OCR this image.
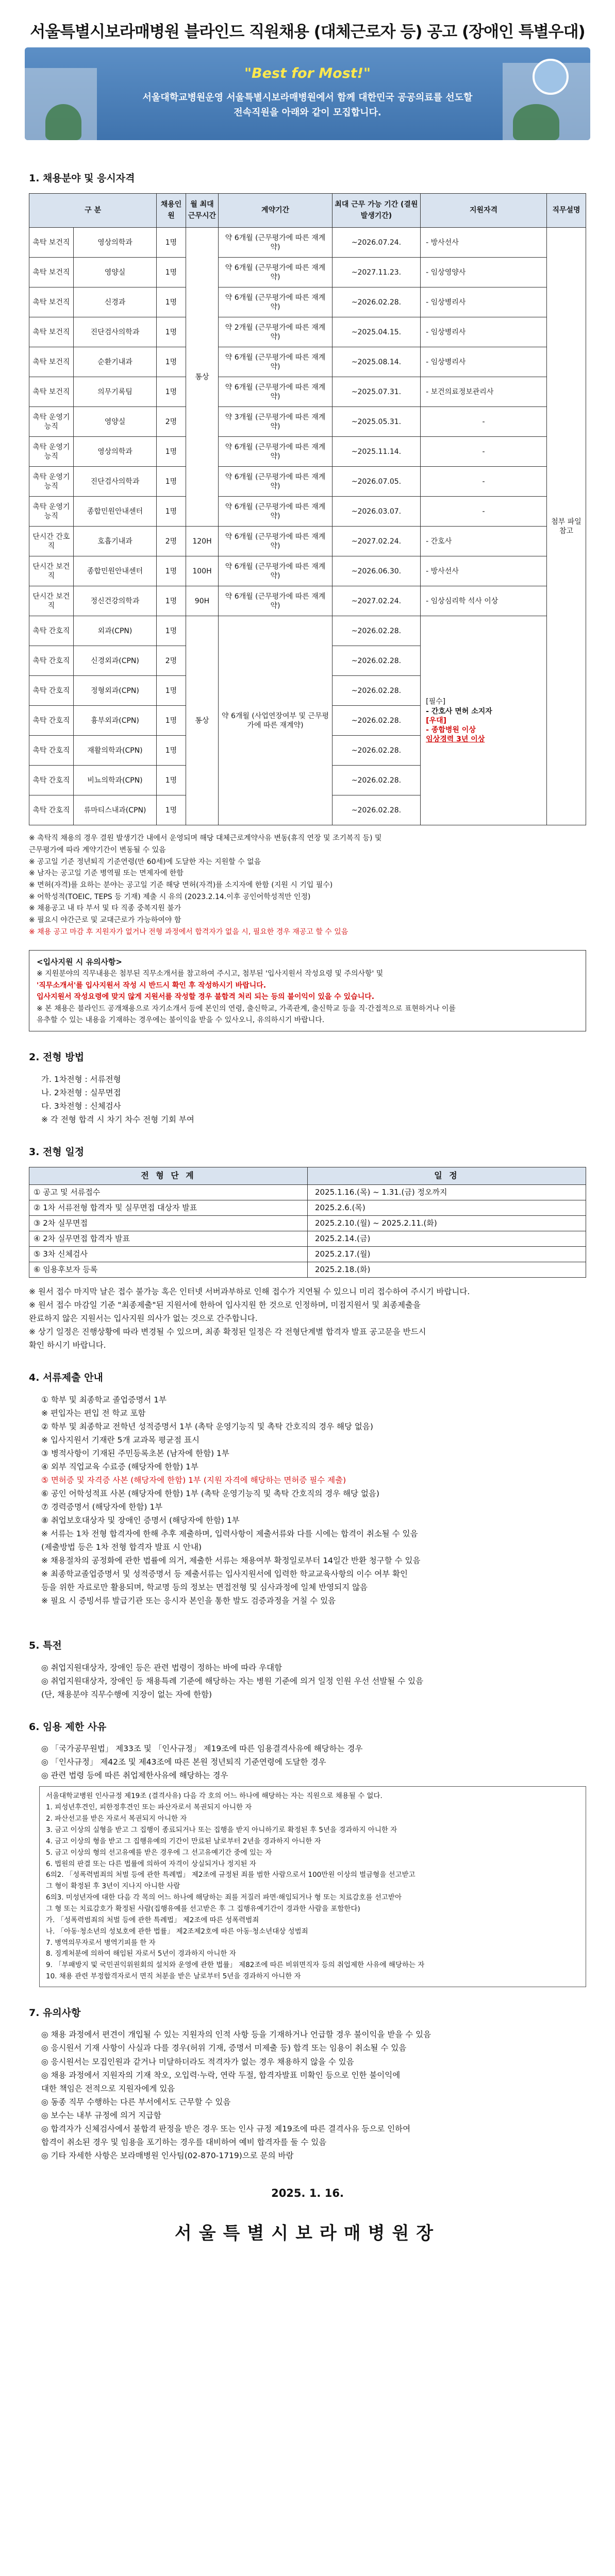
서울특별시보라매병원 블라인드 직원채용 (대체근로자 등) 공고 (장애인 특별우대)
"Best for Most!"
서울대학교병원운영 서울특별시보라매병원에서 함께 대한민국 공공의료를 선도할
전속직원을 아래와 같이 모집합니다.
1. 채용분야 및 응시자격
구 분		채용인원	월 최대 근무시간	계약기간	최대 근무 가능 기간 (결원발생기간)	지원자격	직무설명
촉탁 보건직	영상의학과	1명	통상	약 6개월 (근무평가에 따른 재계약)	~2026.07.24.	- 방사선사	첨부 파일 참고
촉탁 보건직	영양실	1명		약 6개월 (근무평가에 따른 재계약)	~2027.11.23.	- 임상영양사	
촉탁 보건직	신경과	1명		약 6개월 (근무평가에 따른 재계약)	~2026.02.28.	- 임상병리사	
촉탁 보건직	진단검사의학과	1명		약 2개월 (근무평가에 따른 재계약)	~2025.04.15.	- 임상병리사	
촉탁 보건직	순환기내과	1명		약 6개월 (근무평가에 따른 재계약)	~2025.08.14.	- 임상병리사	
촉탁 보건직	의무기록팀	1명		약 6개월 (근무평가에 따른 재계약)	~2025.07.31.	- 보건의료정보관리사	
촉탁 운영기능직	영양실	2명		약 3개월 (근무평가에 따른 재계약)	~2025.05.31.	-	
촉탁 운영기능직	영상의학과	1명		약 6개월 (근무평가에 따른 재계약)	~2025.11.14.	-	
촉탁 운영기능직	진단검사의학과	1명		약 6개월 (근무평가에 따른 재계약)	~2026.07.05.	-	
촉탁 운영기능직	종합민원안내센터	1명		약 6개월 (근무평가에 따른 재계약)	~2026.03.07.	-	
단시간 간호직	호흡기내과	2명	120H	약 6개월 (근무평가에 따른 재계약)	~2027.02.24.	- 간호사	
단시간 보건직	종합민원안내센터	1명	100H	약 6개월 (근무평가에 따른 재계약)	~2026.06.30.	- 방사선사	
단시간 보건직	정신건강의학과	1명	90H	약 6개월 (근무평가에 따른 재계약)	~2027.02.24.	- 임상심리학 석사 이상	
촉탁 간호직	외과(CPN)	1명	통상	약 6개월 (사업연장여부 및 근무평가에 따른 재계약)	~2026.02.28.	[필수]
- 간호사 면허 소지자
[우대]
- 종합병원 이상
임상경력 3년 이상	

촉탁 간호직	신경외과(CPN)	2명			~2026.02.28.		
촉탁 간호직	정형외과(CPN)	1명			~2026.02.28.		
촉탁 간호직	흉부외과(CPN)	1명			~2026.02.28.		
촉탁 간호직	재활의학과(CPN)	1명			~2026.02.28.		
촉탁 간호직	비뇨의학과(CPN)	1명			~2026.02.28.		
촉탁 간호직	류마티스내과(CPN)	1명			~2026.02.28.		
※ 촉탁직 채용의 경우 결원 발생기간 내에서 운영되며 해당 대체근로계약사유 변동(휴직 연장 및 조기복직 등) 및
근무평가에 따라 계약기간이 변동될 수 있음
※ 공고일 기준 정년퇴직 기준연령(만 60세)에 도달한 자는 지원할 수 없음
※ 남자는 공고일 기준 병역필 또는 면제자에 한함
※ 면허(자격)를 요하는 분야는 공고일 기준 해당 면허(자격)를 소지자에 한함 (지원 시 기입 필수)
※ 어학성적(TOEIC, TEPS 등 기재) 제출 시 유의 (2023.2.14.이후 공인어학성적만 인정)
※ 채용공고 내 타 부서 및 타 직종 중복지원 불가
※ 필요시 야간근로 및 교대근로가 가능하여야 함
※ 채용 공고 마감 후 지원자가 없거나 전형 과정에서 합격자가 없을 시, 필요한 경우 재공고 할 수 있음
<입사지원 시 유의사항>
※ 지원분야의 직무내용은 첨부된 직무소개서를 참고하여 주시고, 첨부된 '입사지원서 작성요령 및 주의사항' 및
'직무소개서'를 입사지원서 작성 시 반드시 확인 후 작성하시기 바랍니다.
입사지원서 작성요령에 맞지 않게 지원서를 작성할 경우 불합격 처리 되는 등의 불이익이 있을 수 있습니다.
※ 본 채용은 블라인드 공개채용으로 자기소개서 등에 본인의 연령, 출신학교, 가족관계, 출신학교 등을 직·간접적으로 표현하거나 이를
유추할 수 있는 내용을 기재하는 경우에는 불이익을 받을 수 있사오니, 유의하시기 바랍니다.
2. 전형 방법
가. 1차전형 : 서류전형
나. 2차전형 : 실무면접
다. 3차전형 : 신체검사
※ 각 전형 합격 시 차기 차수 전형 기회 부여
3. 전형 일정
전 형 단 계	일 정
① 공고 및 서류접수	2025.1.16.(목) ~ 1.31.(금) 정오까지
② 1차 서류전형 합격자 및 실무면접 대상자 발표	2025.2.6.(목)
③ 2차 실무면접	2025.2.10.(월) ~ 2025.2.11.(화)
④ 2차 실무면접 합격자 발표	2025.2.14.(금)
⑤ 3차 신체검사	2025.2.17.(월)
⑥ 임용후보자 등록	2025.2.18.(화)
※ 원서 접수 마지막 날은 접수 불가능 혹은 인터넷 서버과부하로 인해 접수가 지연될 수 있으니 미리 접수하여 주시기 바랍니다.
※ 원서 접수 마감일 기준 "최종제출"된 지원서에 한하여 입사지원 한 것으로 인정하며, 미접지원서 및 최종제출을
완료하지 않은 지원서는 입사지원 의사가 없는 것으로 간주합니다.
※ 상기 일정은 진행상황에 따라 변경될 수 있으며, 최종 확정된 일정은 각 전형단계별 합격자 발표 공고문을 반드시
확인 하시기 바랍니다.
4. 서류제출 안내
① 학부 및 최종학교 졸업증명서 1부
※ 편입자는 편입 전 학교 포함
② 학부 및 최종학교 전학년 성적증명서 1부 (촉탁 운영기능직 및 촉탁 간호직의 경우 해당 없음)
※ 입사지원서 기재란 5개 교과목 평균점 표시
③ 병적사항이 기재된 주민등록초본 (남자에 한함) 1부
④ 외부 직업교육 수료증 (해당자에 한함) 1부
⑤ 면허증 및 자격증 사본 (해당자에 한함) 1부 (지원 자격에 해당하는 면허증 필수 제출)
⑥ 공인 어학성적표 사본 (해당자에 한함) 1부 (촉탁 운영기능직 및 촉탁 간호직의 경우 해당 없음)
⑦ 경력증명서 (해당자에 한함) 1부
⑧ 취업보호대상자 및 장애인 증명서 (해당자에 한함) 1부
※ 서류는 1차 전형 합격자에 한해 추후 제출하며, 입력사항이 제출서류와 다를 시에는 합격이 취소될 수 있음
(제출방법 등은 1차 전형 합격자 발표 시 안내)
※ 채용절차의 공정화에 관한 법률에 의거, 제출한 서류는 채용여부 확정일로부터 14일간 반환 청구할 수 있음
※ 최종학교졸업증명서 및 성적증명서 등 제출서류는 입사지원서에 입력한 학교교육사항의 이수 여부 확인
등을 위한 자료로만 활용되며, 학교명 등의 정보는 면접전형 및 심사과정에 일체 반영되지 않음
※ 필요 시 증빙서류 발급기관 또는 응시자 본인을 통한 발도 검증과정을 거칠 수 있음
5. 특전
◎ 취업지원대상자, 장애인 등은 관련 법령이 정하는 바에 따라 우대함
◎ 취업지원대상자, 장애인 등 채용특례 기준에 해당하는 자는 병원 기준에 의거 일정 인원 우선 선발될 수 있음
(단, 채용분야 직무수행에 지장이 없는 자에 한함)
6. 임용 제한 사유
◎ 「국가공무원법」 제33조 및 「인사규정」 제19조에 따른 임용결격사유에 해당하는 경우
◎ 「인사규정」 제42조 및 제43조에 따른 본원 정년퇴직 기준연령에 도달한 경우
◎ 관련 법령 등에 따른 취업제한사유에 해당하는 경우
서울대학교병원 인사규정 제19조 (결격사유) 다음 각 호의 어느 하나에 해당하는 자는 직원으로 채용될 수 없다.
1. 피성년후견인, 피한정후견인 또는 파산자로서 복권되지 아니한 자
2. 파산선고를 받은 자로서 복권되지 아니한 자
3. 금고 이상의 실형을 받고 그 집행이 종료되거나 또는 집행을 받지 아니하기로 확정된 후 5년을 경과하지 아니한 자
4. 금고 이상의 형을 받고 그 집행유예의 기간이 만료된 날로부터 2년을 경과하지 아니한 자
5. 금고 이상의 형의 선고유예를 받은 경우에 그 선고유예기간 중에 있는 자
6. 법원의 판결 또는 다른 법률에 의하여 자격이 상실되거나 정지된 자
6의2. 「성폭력범죄의 처벌 등에 관한 특례법」 제2조에 규정된 죄를 범한 사람으로서 100만원 이상의 벌금형을 선고받고
그 형이 확정된 후 3년이 지나지 아니한 사람
6의3. 미성년자에 대한 다음 각 목의 어느 하나에 해당하는 죄를 저질러 파면·해임되거나 형 또는 치료감호를 선고받아
그 형 또는 치료감호가 확정된 사람(집행유예를 선고받은 후 그 집행유예기간이 경과한 사람을 포함한다)
가. 「성폭력범죄의 처벌 등에 관한 특례법」 제2조에 따른 성폭력범죄
나. 「아동·청소년의 성보호에 관한 법률」 제2조제2호에 따른 아동·청소년대상 성범죄
7. 병역의무자로서 병역기피를 한 자
8. 징계처분에 의하여 해임된 자로서 5년이 경과하지 아니한 자
9. 「부패방지 및 국민권익위원회의 설치와 운영에 관한 법률」 제82조에 따른 비위면직자 등의 취업제한 사유에 해당하는 자
10. 채용 관련 부정합격자로서 면직 처분을 받은 날로부터 5년을 경과하지 아니한 자
7. 유의사항
◎ 채용 과정에서 편견이 개입될 수 있는 지원자의 인적 사항 등을 기재하거나 언급할 경우 불이익을 받을 수 있음
◎ 응시원서 기재 사항이 사실과 다를 경우(허위 기재, 증명서 미제출 등) 합격 또는 임용이 취소될 수 있음
◎ 응시원서는 모집인원과 같거나 미달하더라도 적격자가 없는 경우 채용하지 않을 수 있음
◎ 채용 과정에서 지원자의 기재 착오, 오입력·누락, 연락 두절, 합격자발표 미확인 등으로 인한 불이익에
대한 책임은 전적으로 지원자에게 있음
◎ 동종 직무 수행하는 다른 부서에서도 근무할 수 있음
◎ 보수는 내부 규정에 의거 지급함
◎ 합격자가 신체검사에서 불합격 판정을 받은 경우 또는 인사 규정 제19조에 따른 결격사유 등으로 인하여
합격이 취소된 경우 및 임용을 포기하는 경우를 대비하여 예비 합격자를 둘 수 있음
◎ 기타 자세한 사항은 보라매병원 인사팀(02-870-1719)으로 문의 바람
2025. 1. 16.
서울특별시보라매병원장
